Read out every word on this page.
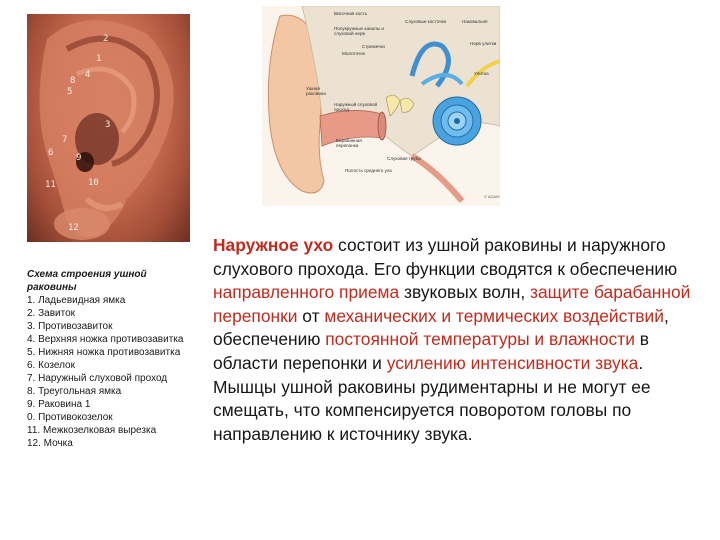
2
1
8
4
5
3
7
6	9
11	10
12
Схема строения ушной раковины
1. Ладьевидная ямка
2. Завиток
3. Противозавиток
4. Верхняя ножка противозавитка
5. Нижняя ножка противозавитка
6. Козелок
7. Наружный слуховой проход
8. Треугольная ямка
9. Раковина 1
0. Противокозелок
11. Межкозелковая вырезка
12. Мочка
Височная кость
Слуховые косточки
Полукружные каналы и слуховой нерв
Наковальня
Стремечко
Нерв улитки
Молоточек
Улитка
Ушная раковина
Наружный слуховой проход
Барабанная перепонка
Слуховая труба
Полость среднего уха
© ADAM

Наружное ухо состоит из ушной раковины и наружного слухового прохода. Его функции сводятся к обеспечению направленного приема звуковых волн, защите барабанной перепонки от механических и термических воздействий, обеспечению постоянной температуры и влажности в области перепонки и усилению интенсивности звука.

Мышцы ушной раковины рудиментарны и не могут ее смещать, что компенсируется поворотом головы по направлению к источнику звука.
